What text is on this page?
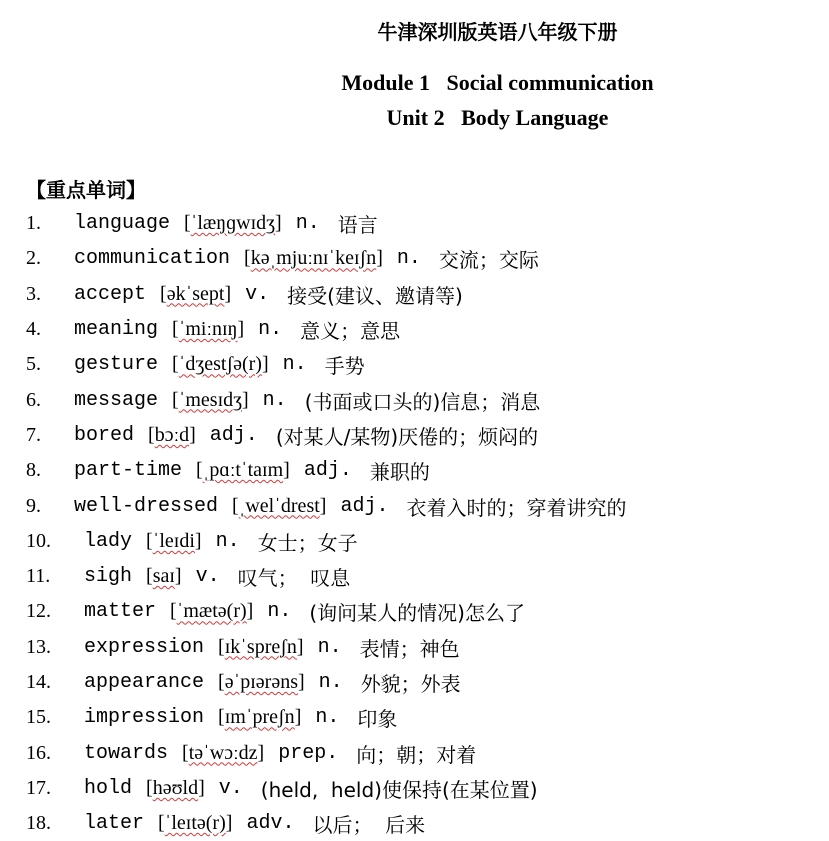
牛津深圳版英语八年级下册
Module 1   Social communication
Unit 2   Body Language
【重点单词】
1.	language [ ˈlæŋɡwɪdʒ ] n. 语言
2.	communication [ kəˌmjuːnɪˈkeɪʃn ] n. 交流；交际
3.	accept [ əkˈsept ] v. 接受(建议、邀请等)
4.	meaning [ ˈmiːnɪŋ ] n. 意义；意思
5.	gesture [ ˈdʒestʃə(r) ] n. 手势
6.	message [ ˈmesɪdʒ ] n. (书面或口头的)信息；消息
7.	bored [ bɔːd ] adj. (对某人/某物)厌倦的；烦闷的
8.	part-time [ ˌpɑːtˈtaɪm ] adj. 兼职的
9.	well-dressed [ ˌwelˈdrest ] adj. 衣着入时的；穿着讲究的
10.	lady [ ˈleɪdi ] n. 女士；女子
11.	sigh [ saɪ ] v. 叹气；  叹息
12.	matter [ ˈmætə(r) ] n. (询问某人的情况)怎么了
13.	expression [ ɪkˈspreʃn ] n. 表情；神色
14.	appearance [ əˈpɪərəns ] n. 外貌；外表
15.	impression [ ɪmˈpreʃn ] n. 印象
16.	towards [ təˈwɔːdz ] prep. 向；朝；对着
17.	hold [ həʊld ] v. (held,  held)使保持(在某位置)
18.	later [ ˈleɪtə(r) ] adv. 以后；  后来
